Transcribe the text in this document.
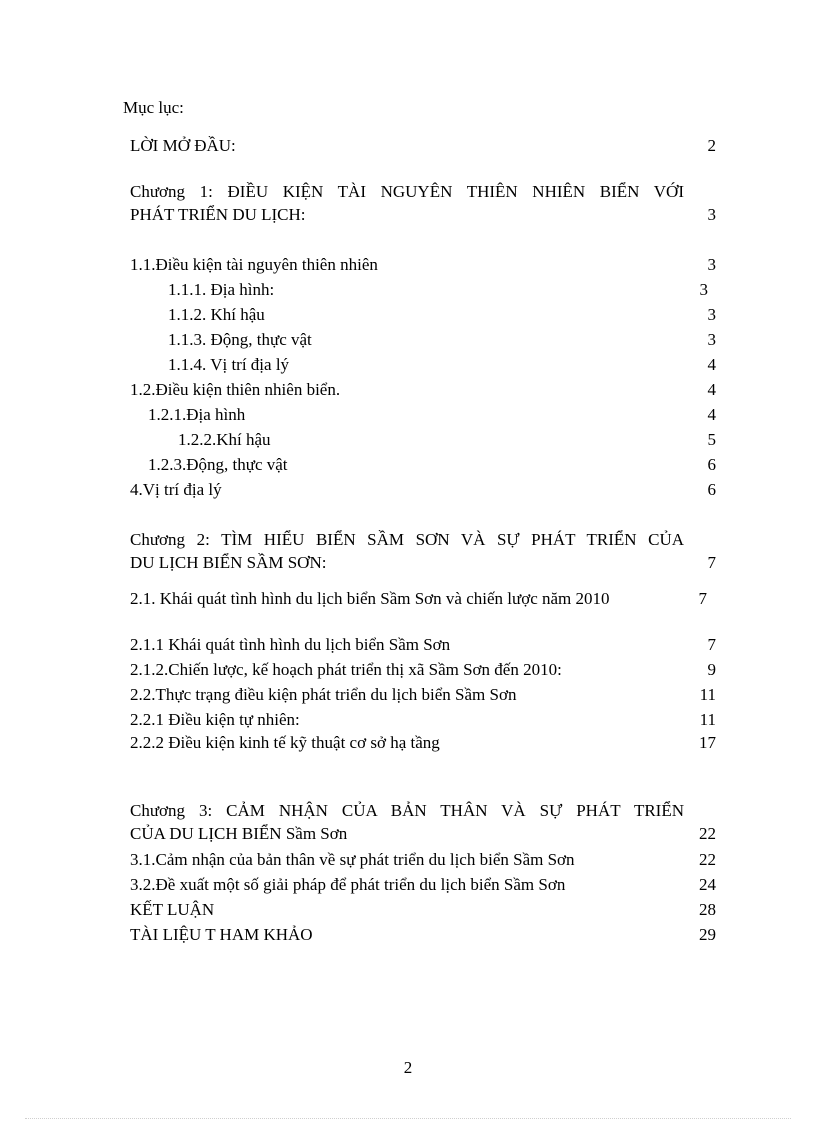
Mục lục:
LỜI MỞ ĐẦU:	2
Chương 1: ĐIỀU KIỆN TÀI NGUYÊN THIÊN NHIÊN BIỂN VỚI
PHÁT TRIỂN DU LỊCH:	3
1.1.Điều kiện tài nguyên thiên nhiên	3
1.1.1. Địa hình:	3
1.1.2. Khí hậu	3
1.1.3. Động, thực vật	3
1.1.4. Vị trí địa lý	4
1.2.Điều kiện thiên nhiên biển.	4
1.2.1.Địa hình	4
1.2.2.Khí hậu	5
1.2.3.Động, thực vật	6
4.Vị trí địa lý	6
Chương 2: TÌM HIỂU BIỂN SẦM SƠN VÀ SỰ PHÁT TRIỂN CỦA
DU LỊCH BIỂN SẦM SƠN:	7
2.1. Khái quát tình hình du lịch biển Sầm Sơn và chiến lược năm 2010	7
2.1.1 Khái quát tình hình du lịch biển Sầm Sơn	7
2.1.2.Chiến lược, kế hoạch phát triển thị xã Sầm Sơn đến 2010:	9
2.2.Thực trạng điều kiện phát triển du lịch biển Sầm Sơn	11
2.2.1 Điều kiện tự nhiên:	11
2.2.2 Điều kiện kinh tế kỹ thuật cơ sở hạ tầng	17
Chương 3: CẢM NHẬN CỦA BẢN THÂN VÀ SỰ PHÁT TRIỂN
CỦA DU LỊCH BIỂN Sầm Sơn	22
3.1.Cảm nhận của bản thân về sự phát triển du lịch biển Sầm Sơn	22
3.2.Đề xuất một số giải pháp để phát triển du lịch biển Sầm Sơn	24
KẾT LUẬN	28
TÀI LIỆU T HAM KHẢO	29
2
